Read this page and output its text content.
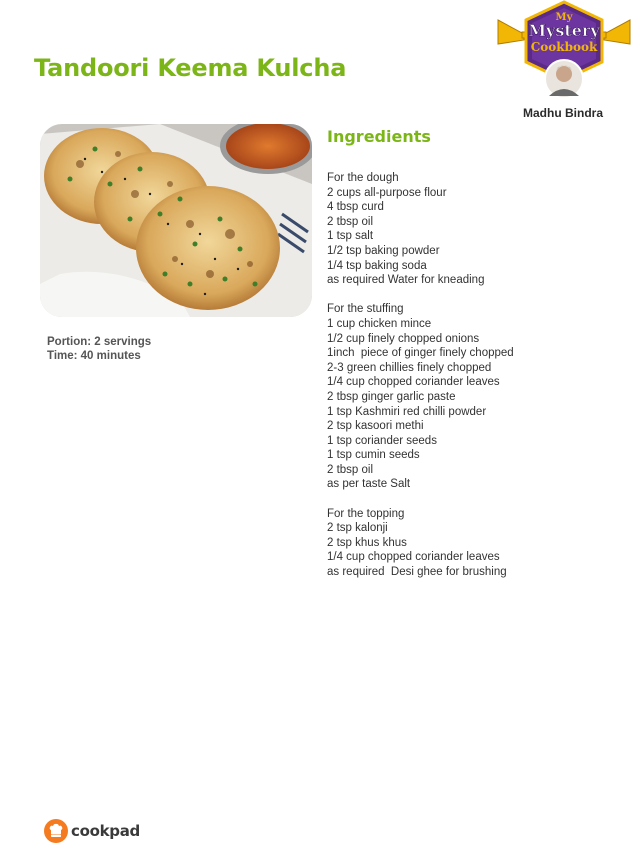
Tandoori Keema Kulcha
My
Mystery
Cookbook
Madhu Bindra
Portion: 2 servings
Time: 40 minutes
Ingredients
For the dough
2 cups all-purpose flour
4 tbsp curd
2 tbsp oil
1 tsp salt
1/2 tsp baking powder
1/4 tsp baking soda
as required Water for kneading
For the stuffing
1 cup chicken mince
1/2 cup finely chopped onions
1inch  piece of ginger finely chopped
2-3 green chillies finely chopped
1/4 cup chopped coriander leaves
2 tbsp ginger garlic paste
1 tsp Kashmiri red chilli powder
2 tsp kasoori methi
1 tsp coriander seeds
1 tsp cumin seeds
2 tbsp oil
as per taste Salt
For the topping
2 tsp kalonji
2 tsp khus khus
1/4 cup chopped coriander leaves
as required  Desi ghee for brushing
cookpad
